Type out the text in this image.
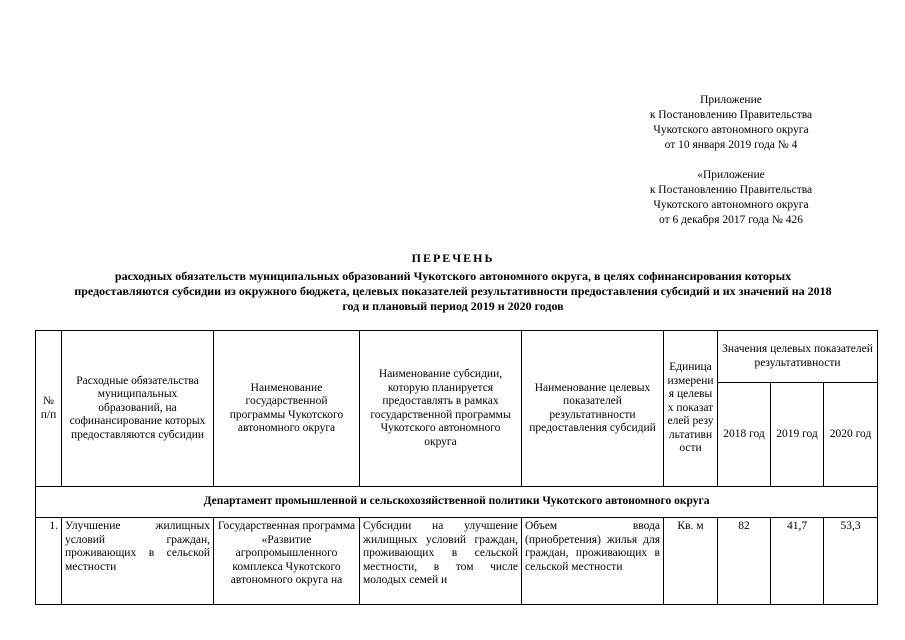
Приложение
к Постановлению Правительства
Чукотского автономного округа
от 10 января 2019 года № 4
«Приложение
к Постановлению Правительства
Чукотского автономного округа
от 6 декабря 2017 года № 426
ПЕРЕЧЕНЬ
расходных обязательств муниципальных образований Чукотского автономного округа, в целях софинансирования которых
предоставляются субсидии из окружного бюджета, целевых показателей результативности предоставления субсидий и их значений на 2018
год и плановый период 2019 и 2020 годов
№ п/п	Расходные обязательства муниципальных образований, на софинансирование которых предоставляются субсидии	Наименование государственной программы Чукотского автономного округа	Наименование субсидии, которую планируется предоставлять в рамках государственной программы Чукотского автономного округа	Наименование целевых показателей результативности предоставления субсидий	Единица измерения целевых показателей результативности	Значения целевых показателей результативности		
						2018 год	2019 год	2020 год
Департамент промышленной и сельскохозяйственной политики Чукотского автономного округа								
1.	Улучшение жилищных условий граждан, проживающих в сельской местности	Государственная программа «Развитие агропромышленного комплекса Чукотского автономного округа на	Субсидии на улучшение жилищных условий граждан, проживающих в сельской местности, в том числе молодых семей и	Объем ввода (приобретения) жилья для граждан, проживающих в сельской местности	Кв. м	82	41,7	53,3
